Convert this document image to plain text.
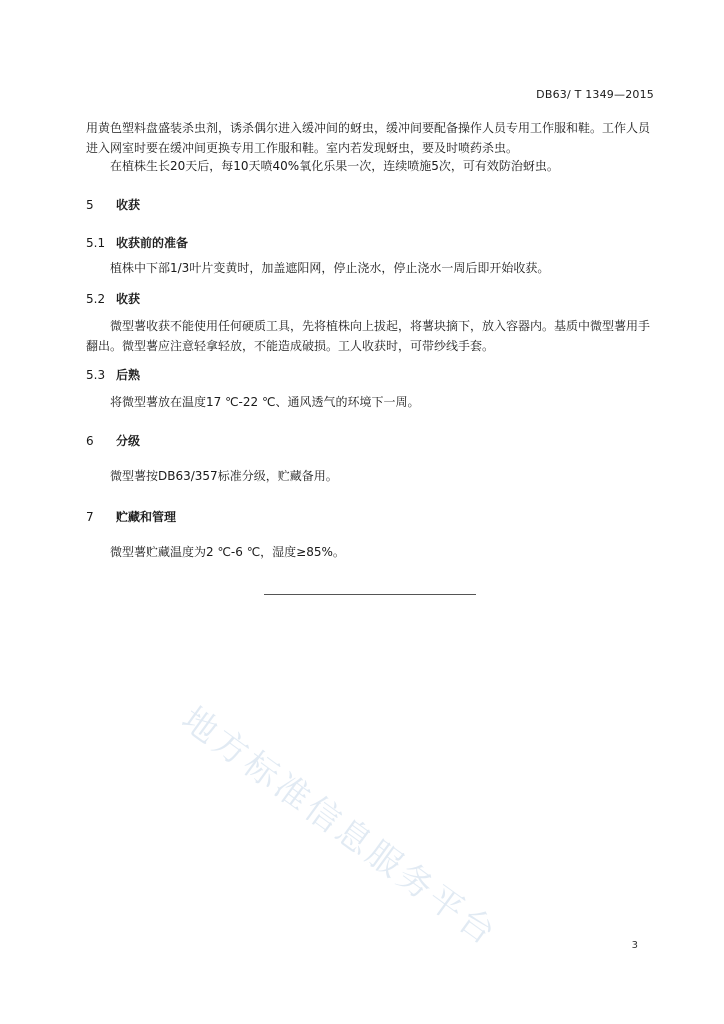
DB63/ T 1349—2015

用黄色塑料盘盛装杀虫剂，诱杀偶尔进入缓冲间的蚜虫，缓冲间要配备操作人员专用工作服和鞋。工作人员进入网室时要在缓冲间更换专用工作服和鞋。室内若发现蚜虫，要及时喷药杀虫。

在植株生长20天后，每10天喷40%氧化乐果一次，连续喷施5次，可有效防治蚜虫。

5 收获
5.1 收获前的准备

植株中下部1/3叶片变黄时，加盖遮阳网，停止浇水，停止浇水一周后即开始收获。

5.2 收获

微型薯收获不能使用任何硬质工具，先将植株向上拔起，将薯块摘下，放入容器内。基质中微型薯用手翻出。微型薯应注意轻拿轻放，不能造成破损。工人收获时，可带纱线手套。

5.3 后熟

将微型薯放在温度17 ℃-22 ℃、通风透气的环境下一周。

6 分级

微型薯按DB63/357标准分级，贮藏备用。

7 贮藏和管理

微型薯贮藏温度为2 ℃-6 ℃，湿度≥85%。

地方标准信息服务平台	3
